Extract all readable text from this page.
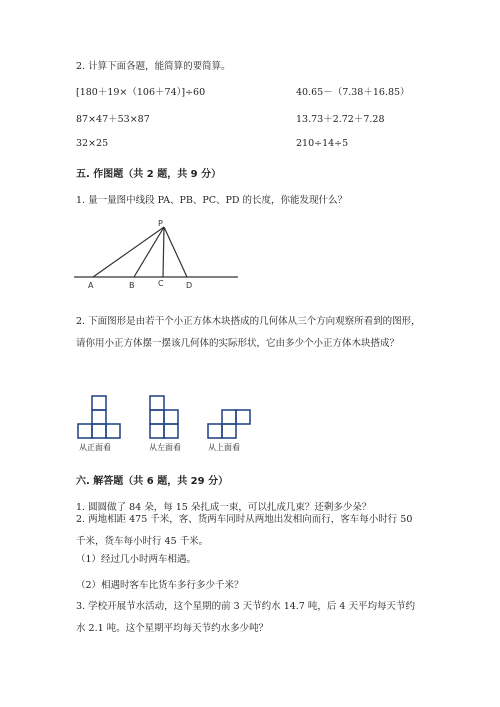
2. 计算下面各题，能简算的要简算。
[180＋19×（106＋74）]÷60	40.65－（7.38＋16.85）
87×47＋53×87	13.73＋2.72＋7.28
32×25	210÷14÷5
五. 作图题（共 2 题，共 9 分）
1. 量一量图中线段 PA、PB、PC、PD 的长度，你能发现什么？
P
A	B	C	D
2. 下面图形是由若干个小正方体木块搭成的几何体从三个方向观察所看到的图形，请你用小正方体摆一摆该几何体的实际形状，它由多少个小正方体木块搭成？
从正面看	从左面看	从上面看
六. 解答题（共 6 题，共 29 分）
1. 圆圆做了 84 朵，每 15 朵扎成一束，可以扎成几束？还剩多少朵？
2. 两地相距 475 千米，客、货两车同时从两地出发相向而行，客车每小时行 50 千米，货车每小时行 45 千米。
（1）经过几小时两车相遇。
（2）相遇时客车比货车多行多少千米？
3. 学校开展节水活动，这个星期的前 3 天节约水 14.7 吨，后 4 天平均每天节约水 2.1 吨。这个星期平均每天节约水多少吨？
